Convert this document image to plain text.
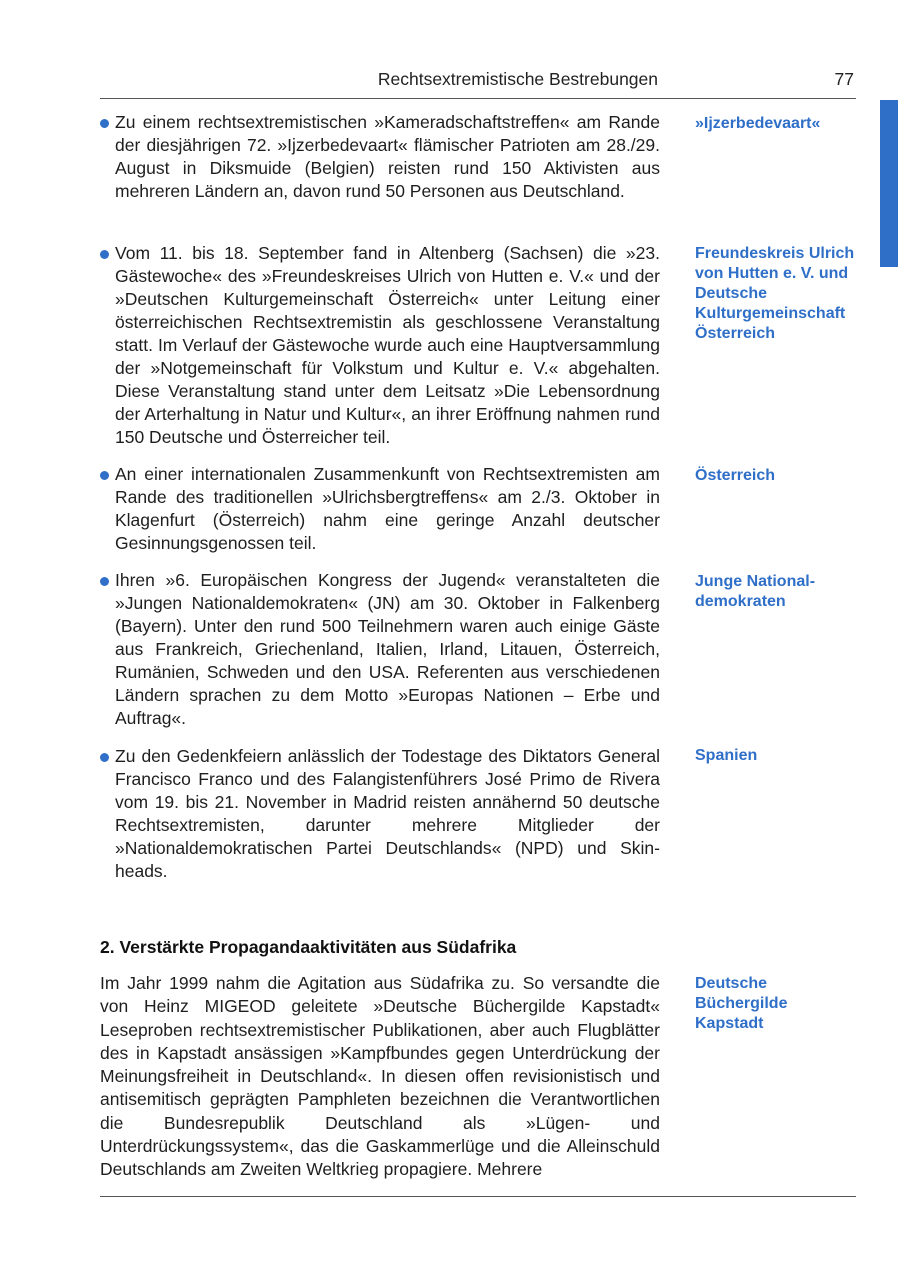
Rechtsextremistische Bestrebungen	77
Zu einem rechtsextremistischen »Kameradschaftstreffen« am Rande der diesjährigen 72. »Ijzerbedevaart« flämischer Patrioten am 28./29. August in Diksmuide (Belgien) reisten rund 150 Aktivisten aus mehreren Ländern an, davon rund 50 Personen aus Deutschland.
»Ijzerbedevaart«
Vom 11. bis 18. September fand in Altenberg (Sachsen) die »23. Gästewoche« des »Freundeskreises Ulrich von Hutten e. V.« und der »Deutschen Kulturgemeinschaft Österreich« unter Leitung einer österreichischen Rechtsextremistin als geschlossene Veranstaltung statt. Im Verlauf der Gästewoche wurde auch eine Hauptversammlung der »Notgemeinschaft für Volkstum und Kultur e. V.« abgehalten. Diese Veranstaltung stand unter dem Leitsatz »Die Lebensordnung der Arterhaltung in Natur und Kultur«, an ihrer Eröffnung nahmen rund 150 Deutsche und Österreicher teil.
Freundeskreis Ulrich von Hutten e. V. und Deutsche Kulturgemeinschaft Österreich
An einer internationalen Zusammenkunft von Rechtsextremisten am Rande des traditionellen »Ulrichsbergtreffens« am 2./3. Oktober in Klagenfurt (Österreich) nahm eine geringe Anzahl deutscher Gesinnungsgenossen teil.
Österreich
Ihren »6. Europäischen Kongress der Jugend« veranstalteten die »Jungen Nationaldemokraten« (JN) am 30. Oktober in Falkenberg (Bayern). Unter den rund 500 Teilnehmern waren auch einige Gäste aus Frankreich, Griechenland, Italien, Irland, Litauen, Österreich, Rumänien, Schweden und den USA. Referenten aus verschiedenen Ländern sprachen zu dem Motto »Europas Nationen – Erbe und Auftrag«.
Junge Nationaldemokraten
Zu den Gedenkfeiern anlässlich der Todestage des Diktators General Francisco Franco und des Falangistenführers José Primo de Rivera vom 19. bis 21. November in Madrid reisten annähernd 50 deutsche Rechtsextremisten, darunter mehrere Mitglieder der »Nationaldemokratischen Partei Deutschlands« (NPD) und Skinheads.
Spanien
2. Verstärkte Propagandaaktivitäten aus Südafrika
Im Jahr 1999 nahm die Agitation aus Südafrika zu. So versandte die von Heinz MIGEOD geleitete »Deutsche Büchergilde Kapstadt« Leseproben rechtsextremistischer Publikationen, aber auch Flugblätter des in Kapstadt ansässigen »Kampfbundes gegen Unterdrückung der Meinungsfreiheit in Deutschland«. In diesen offen revisionistisch und antisemitisch geprägten Pamphleten bezeichnen die Verantwortlichen die Bundesrepublik Deutschland als »Lügen- und Unterdrückungssystem«, das die Gaskammerlüge und die Alleinschuld Deutschlands am Zweiten Weltkrieg propagiere. Mehrere
Deutsche Büchergilde Kapstadt
